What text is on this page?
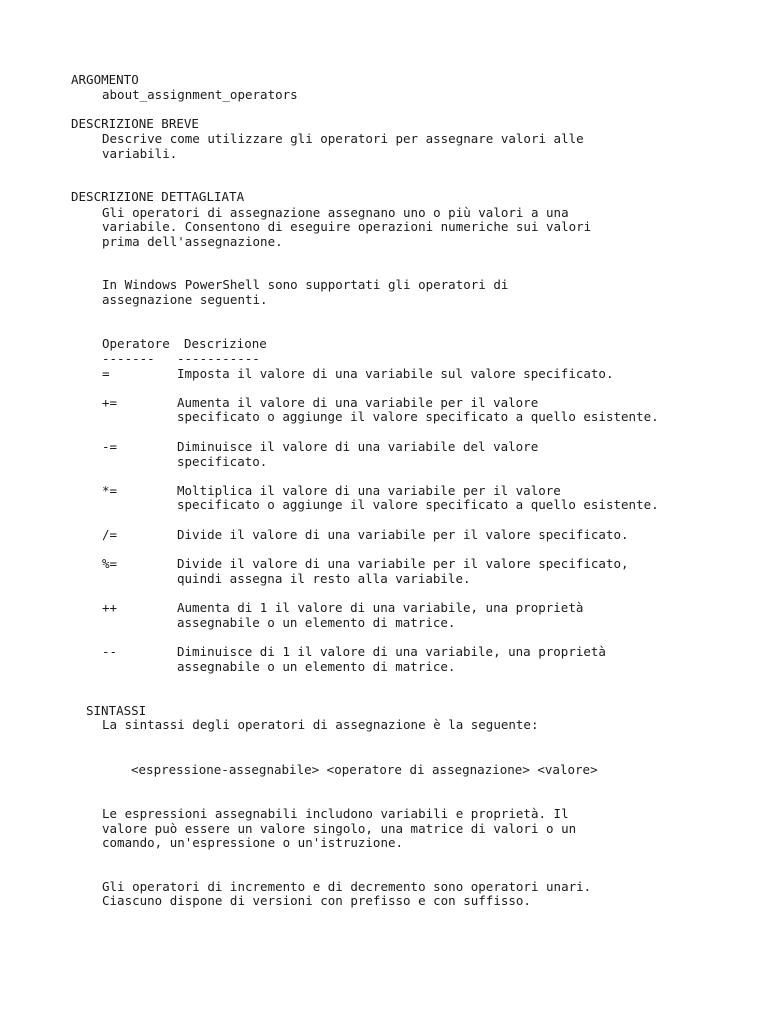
ARGOMENTO
about_assignment_operators
DESCRIZIONE BREVE
Descrive come utilizzare gli operatori per assegnare valori alle
variabili.
DESCRIZIONE DETTAGLIATA
Gli operatori di assegnazione assegnano uno o più valori a una
variabile. Consentono di eseguire operazioni numeriche sui valori
prima dell'assegnazione.
In Windows PowerShell sono supportati gli operatori di
assegnazione seguenti.
Operatore Descrizione
------- -----------
=	Imposta il valore di una variabile sul valore specificato.
+=	Aumenta il valore di una variabile per il valore
specificato o aggiunge il valore specificato a quello esistente.
-=	Diminuisce il valore di una variabile del valore
specificato.
*=	Moltiplica il valore di una variabile per il valore
specificato o aggiunge il valore specificato a quello esistente.
/=	Divide il valore di una variabile per il valore specificato.
%=	Divide il valore di una variabile per il valore specificato,
quindi assegna il resto alla variabile.
++	Aumenta di 1 il valore di una variabile, una proprietà
assegnabile o un elemento di matrice.
--	Diminuisce di 1 il valore di una variabile, una proprietà
assegnabile o un elemento di matrice.
SINTASSI
La sintassi degli operatori di assegnazione è la seguente:
<espressione-assegnabile> <operatore di assegnazione> <valore>
Le espressioni assegnabili includono variabili e proprietà. Il
valore può essere un valore singolo, una matrice di valori o un
comando, un'espressione o un'istruzione.
Gli operatori di incremento e di decremento sono operatori unari.
Ciascuno dispone di versioni con prefisso e con suffisso.
